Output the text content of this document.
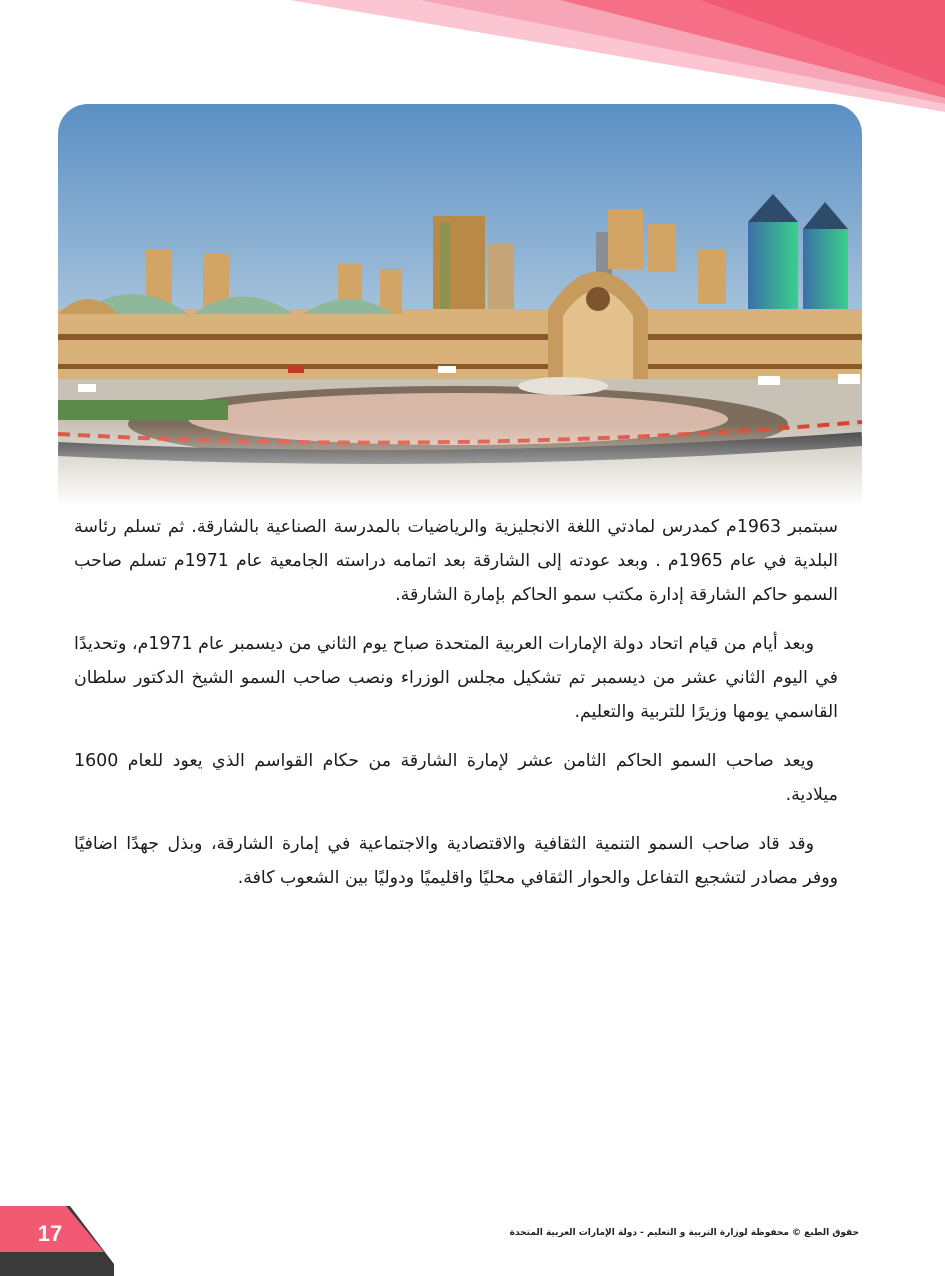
سبتمبر 1963م كمدرس لمادتي اللغة الانجليزية والرياضيات بالمدرسة الصناعية بالشارقة. ثم تسلم رئاسة البلدية في عام 1965م . وبعد عودته إلى الشارقة بعد اتمامه دراسته الجامعية عام 1971م تسلم صاحب السمو حاكم الشارقة إدارة مكتب سمو الحاكم بإمارة الشارقة.

وبعد أيام من قيام اتحاد دولة الإمارات العربية المتحدة صباح يوم الثاني من ديسمبر عام 1971م، وتحديدًا في اليوم الثاني عشر من ديسمبر تم تشكيل مجلس الوزراء ونصب صاحب السمو الشيخ الدكتور سلطان القاسمي يومها وزيرًا للتربية والتعليم.

ويعد صاحب السمو الحاكم الثامن عشر لإمارة الشارقة من حكام القواسم الذي يعود للعام 1600 ميلادية.

وقد قاد صاحب السمو التنمية الثقافية والاقتصادية والاجتماعية في إمارة الشارقة، وبذل جهدًا اضافيًا ووفر مصادر لتشجيع التفاعل والحوار الثقافي محليًا واقليميًا ودوليًا بين الشعوب كافة.

حقوق الطبع © محفوظة لوزارة التربية و التعليم - دولة الإمارات العربية المتحدة
17
